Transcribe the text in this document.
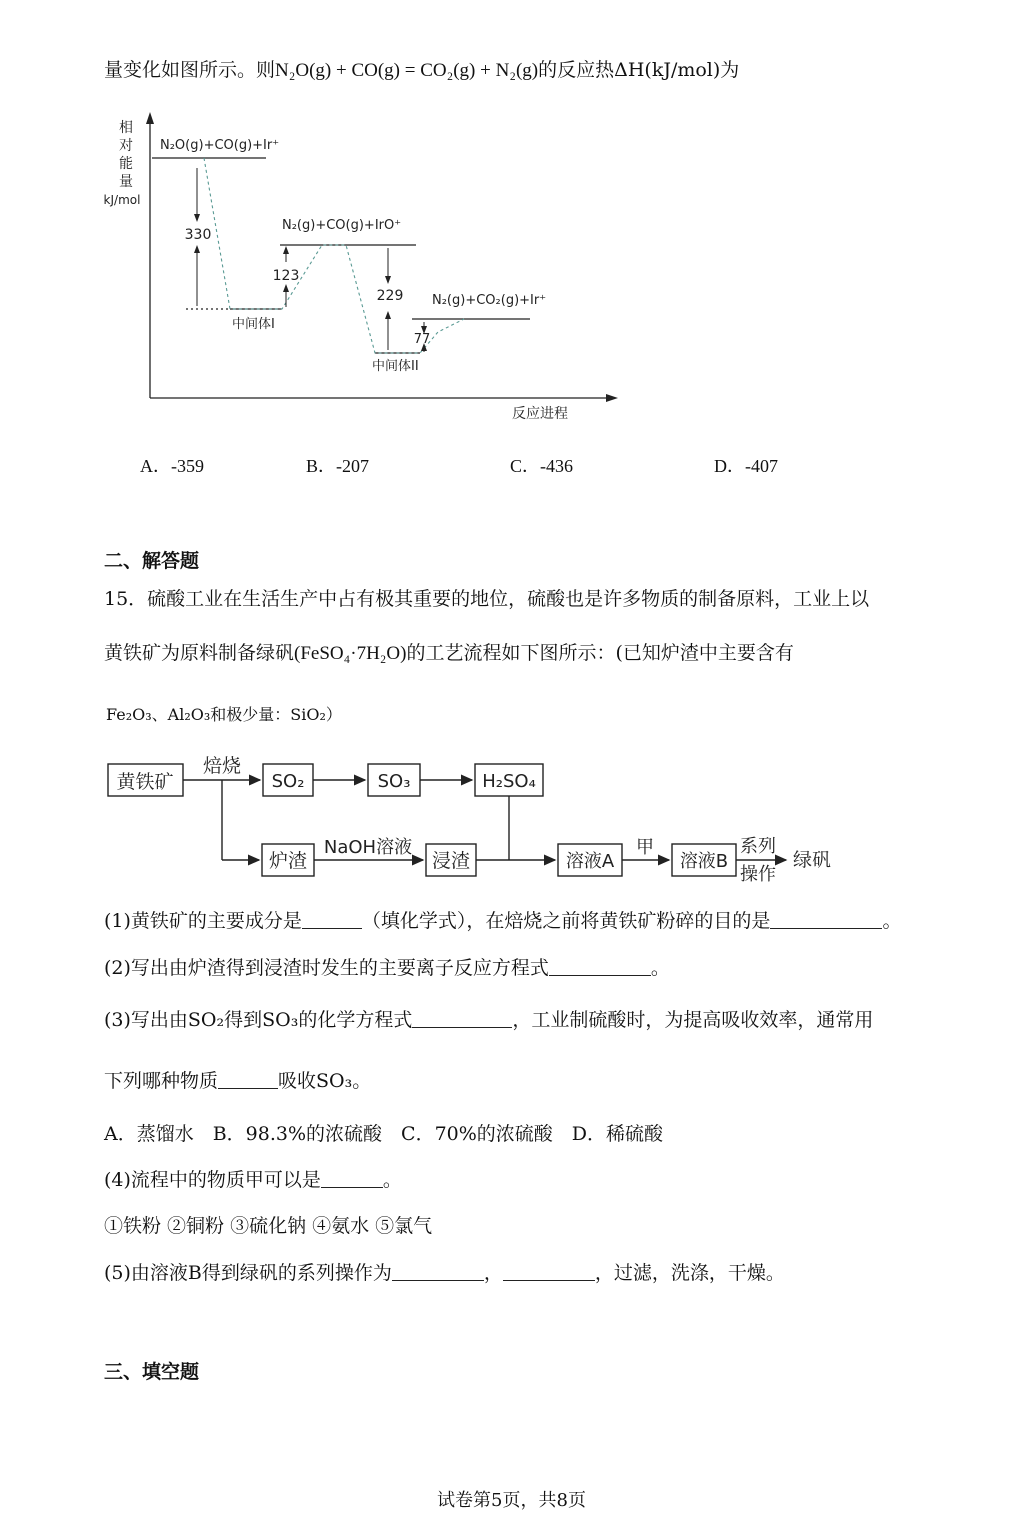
量变化如图所示。则N₂O(g) + CO(g) = CO₂(g) + N₂(g)的反应热ΔH(kJ/mol)为
相
对
能
量
kJ/mol
反应进程
N₂O(g)+CO(g)+Ir⁺
N₂(g)+CO(g)+IrO⁺
N₂(g)+CO₂(g)+Ir⁺
中间体I
中间体II
330
123
229
77
A．-359	B．-207	C．-436	D．-407
二、解答题
15．硫酸工业在生活生产中占有极其重要的地位，硫酸也是许多物质的制备原料，工业上以
黄铁矿为原料制备绿矾(FeSO₄·7H₂O)的工艺流程如下图所示：(已知炉渣中主要含有
Fe₂O₃、Al₂O₃和极少量：SiO₂）
黄铁矿
焙烧
SO₂	SO₃	H₂SO₄
炉渣
NaOH溶液
浸渣	溶液A
甲
溶液B
系列
操作
绿矾
(1)黄铁矿的主要成分是	（填化学式），在焙烧之前将黄铁矿粉碎的目的是	。
(2)写出由炉渣得到浸渣时发生的主要离子反应方程式	。
(3)写出由SO₂得到SO₃的化学方程式	，工业制硫酸时，为提高吸收效率，通常用
下列哪种物质	吸收SO₃。
A．蒸馏水　B．98.3%的浓硫酸　C．70%的浓硫酸　D．稀硫酸
(4)流程中的物质甲可以是	。
①铁粉 ②铜粉 ③硫化钠 ④氨水 ⑤氯气
(5)由溶液B得到绿矾的系列操作为	，	，过滤，洗涤，干燥。
三、填空题
试卷第5页，共8页
